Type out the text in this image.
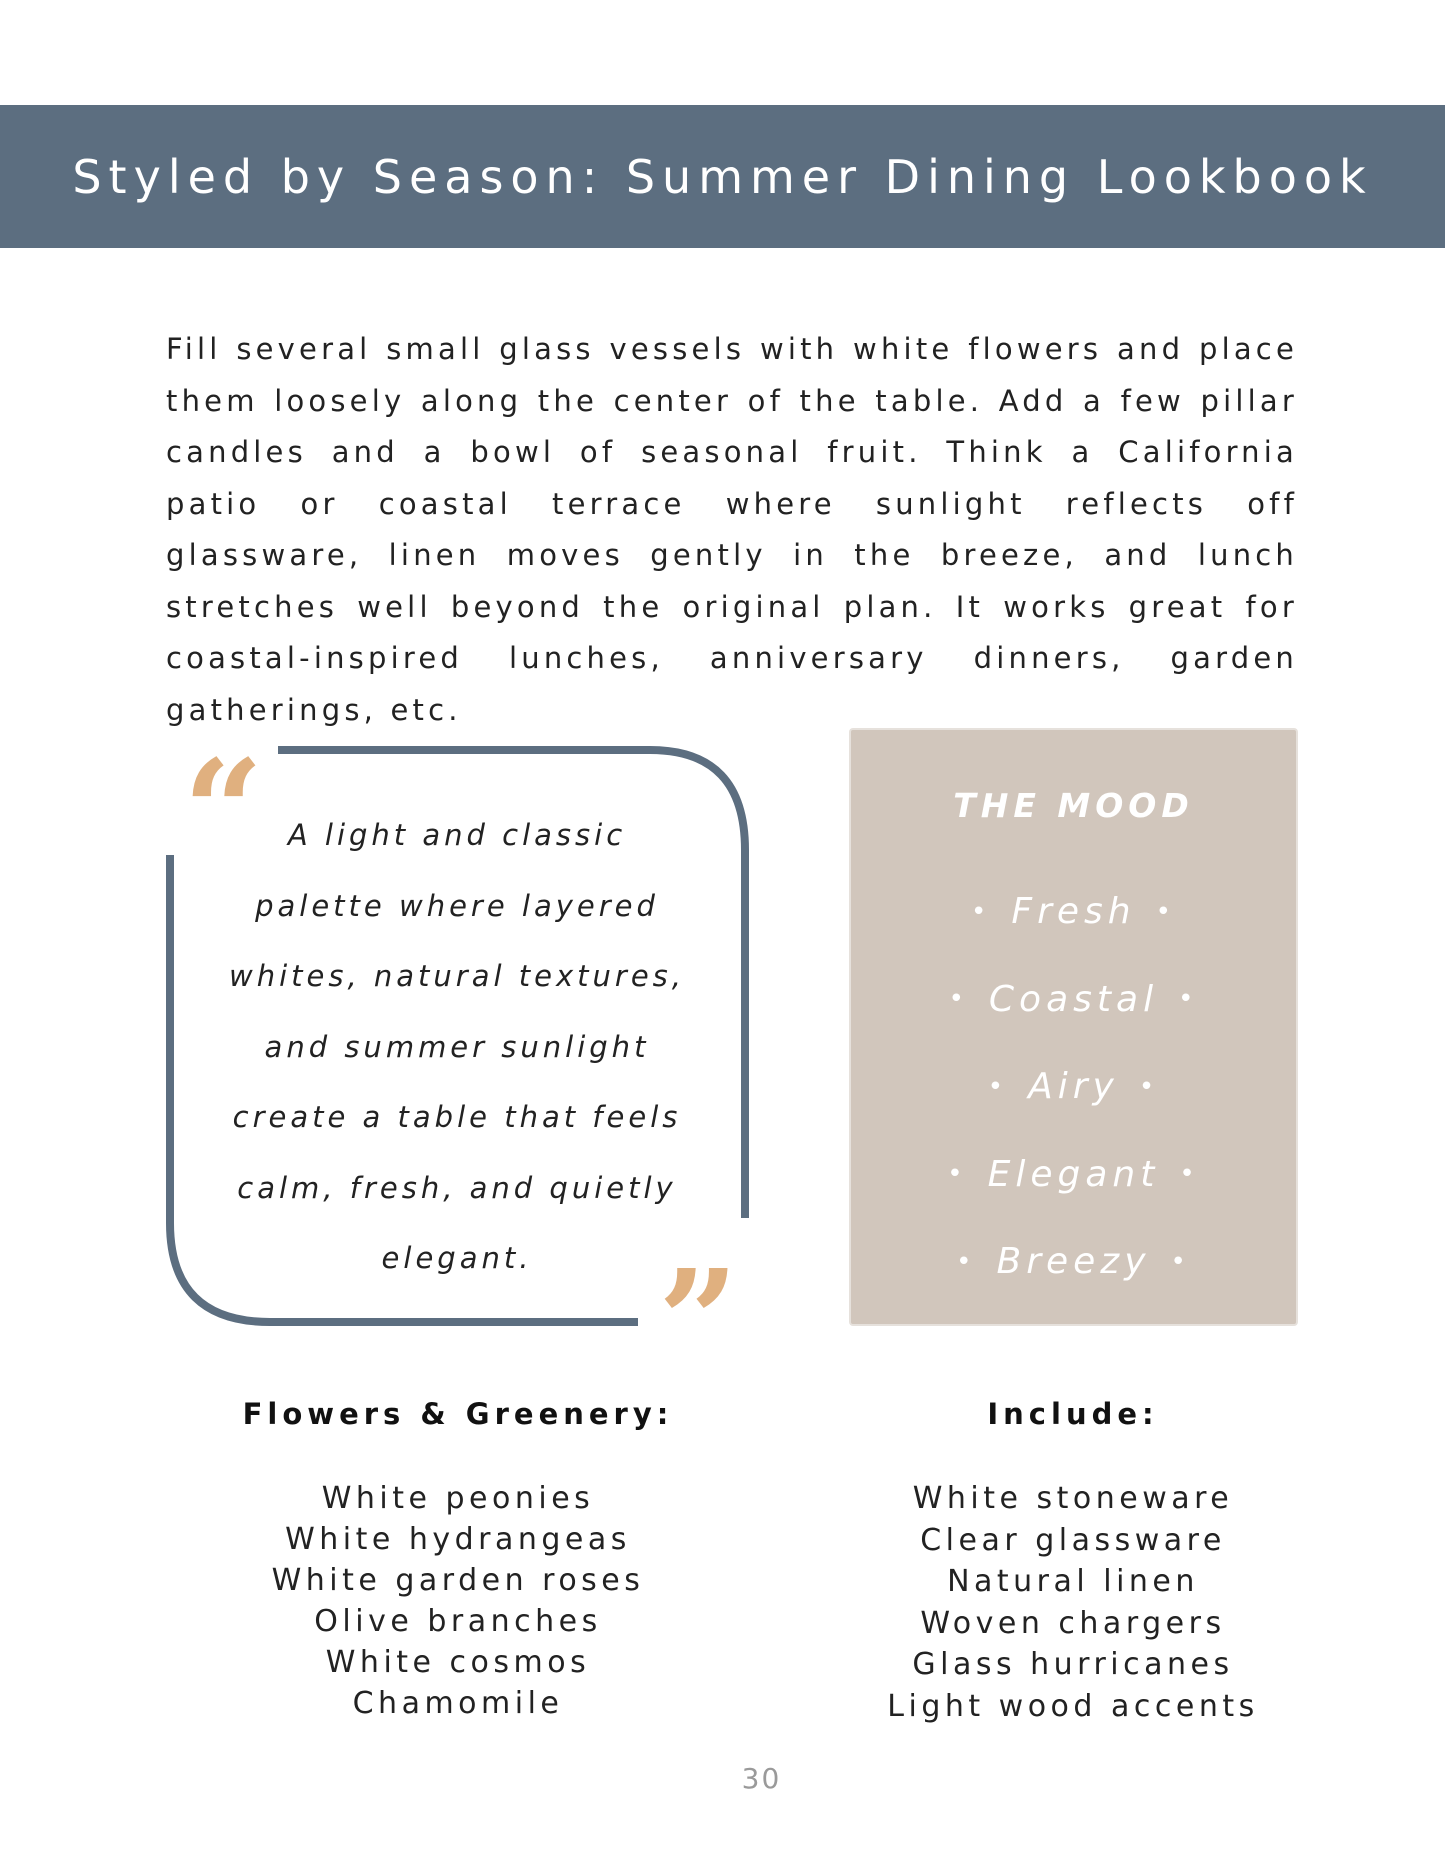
Styled by Season: Summer Dining Lookbook

Fill several small glass vessels with white flowers and place them loosely along the center of the table. Add a few pillar candles and a bowl of seasonal fruit. Think a California patio or coastal terrace where sunlight reflects off glassware, linen moves gently in the breeze, and lunch stretches well beyond the original plan. It works great for coastal-inspired lunches, anniversary dinners, garden gatherings, etc.

“
”

A light and classic palette where layered whites, natural textures, and summer sunlight create a table that feels calm, fresh, and quietly elegant.

THE MOOD
• Fresh •
• Coastal •
• Airy •
• Elegant •
• Breezy •
Flowers & Greenery:
White peonies
White hydrangeas
White garden roses
Olive branches
White cosmos
Chamomile
Include:
White stoneware
Clear glassware
Natural linen
Woven chargers
Glass hurricanes
Light wood accents
30
